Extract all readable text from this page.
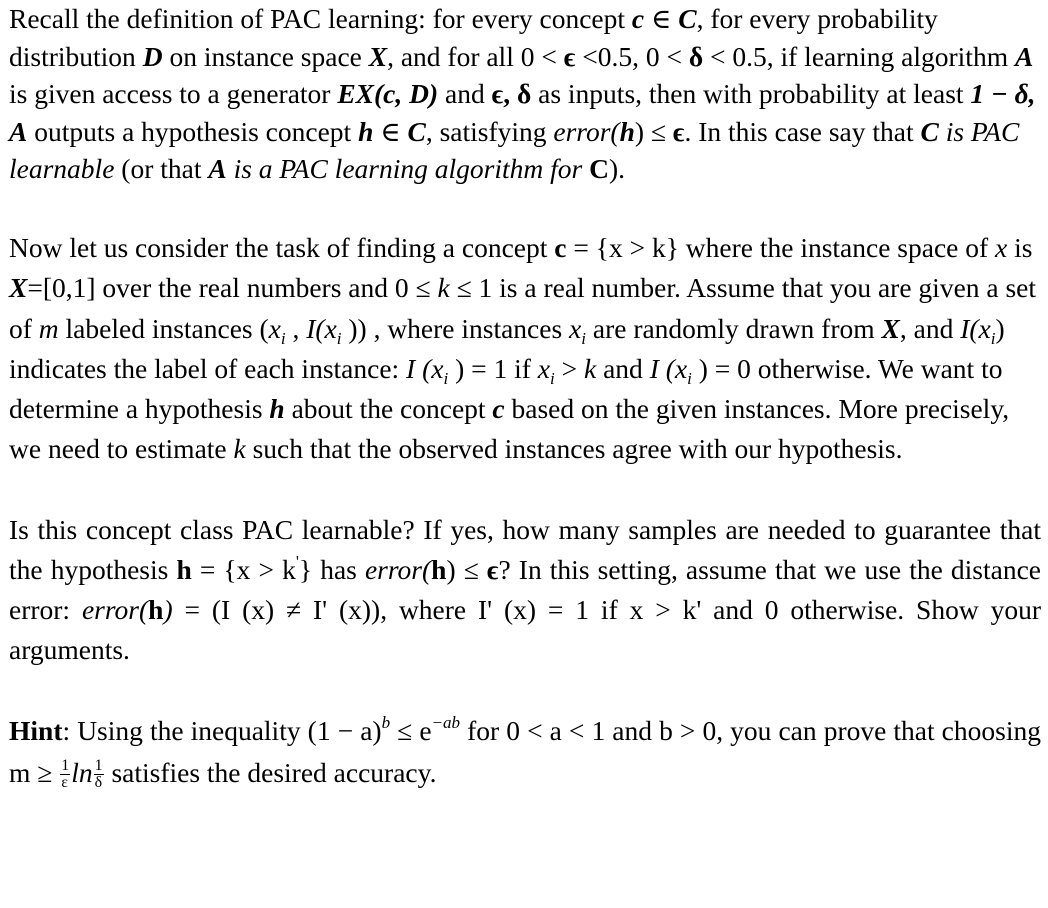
Recall the definition of PAC learning: for every concept c ∈ C, for every probability distribution D on instance space X, and for all 0 < ϵ <0.5, 0 < δ < 0.5, if learning algorithm A is given access to a generator EX(c, D) and ϵ, δ as inputs, then with probability at least 1 − δ, A outputs a hypothesis concept h ∈ C, satisfying error(h) ≤ ϵ. In this case say that C is PAC learnable (or that A is a PAC learning algorithm for C).

Now let us consider the task of finding a concept c = {x > k} where the instance space of x is X=[0,1] over the real numbers and 0 ≤ k ≤ 1 is a real number. Assume that you are given a set of m labeled instances ($x_i$ , $I(x_i$ )) , where instances $x_i$ are randomly drawn from X, and $I(x_i)$ indicates the label of each instance: I ($x_i$ ) = 1 if $x_i > k$ and I ($x_i$ ) = 0 otherwise. We want to determine a hypothesis h about the concept c based on the given instances. More precisely, we need to estimate k such that the observed instances agree with our hypothesis.

Is this concept class PAC learnable? If yes, how many samples are needed to guarantee that the hypothesis h = {x > k'} has error(h) ≤ ϵ? In this setting, assume that we use the distance error: error(h) = (I (x) ≠ I' (x)), where I' (x) = 1 if x > k' and 0 otherwise. Show your arguments.

Hint: Using the inequality $(1 - a)^b \le e^{-ab}$ for 0 < a < 1 and b > 0, you can prove that choosing $m \ge \frac{1}{\varepsilon}$ $\ln \frac{1}{\delta}$ satisfies the desired accuracy.
